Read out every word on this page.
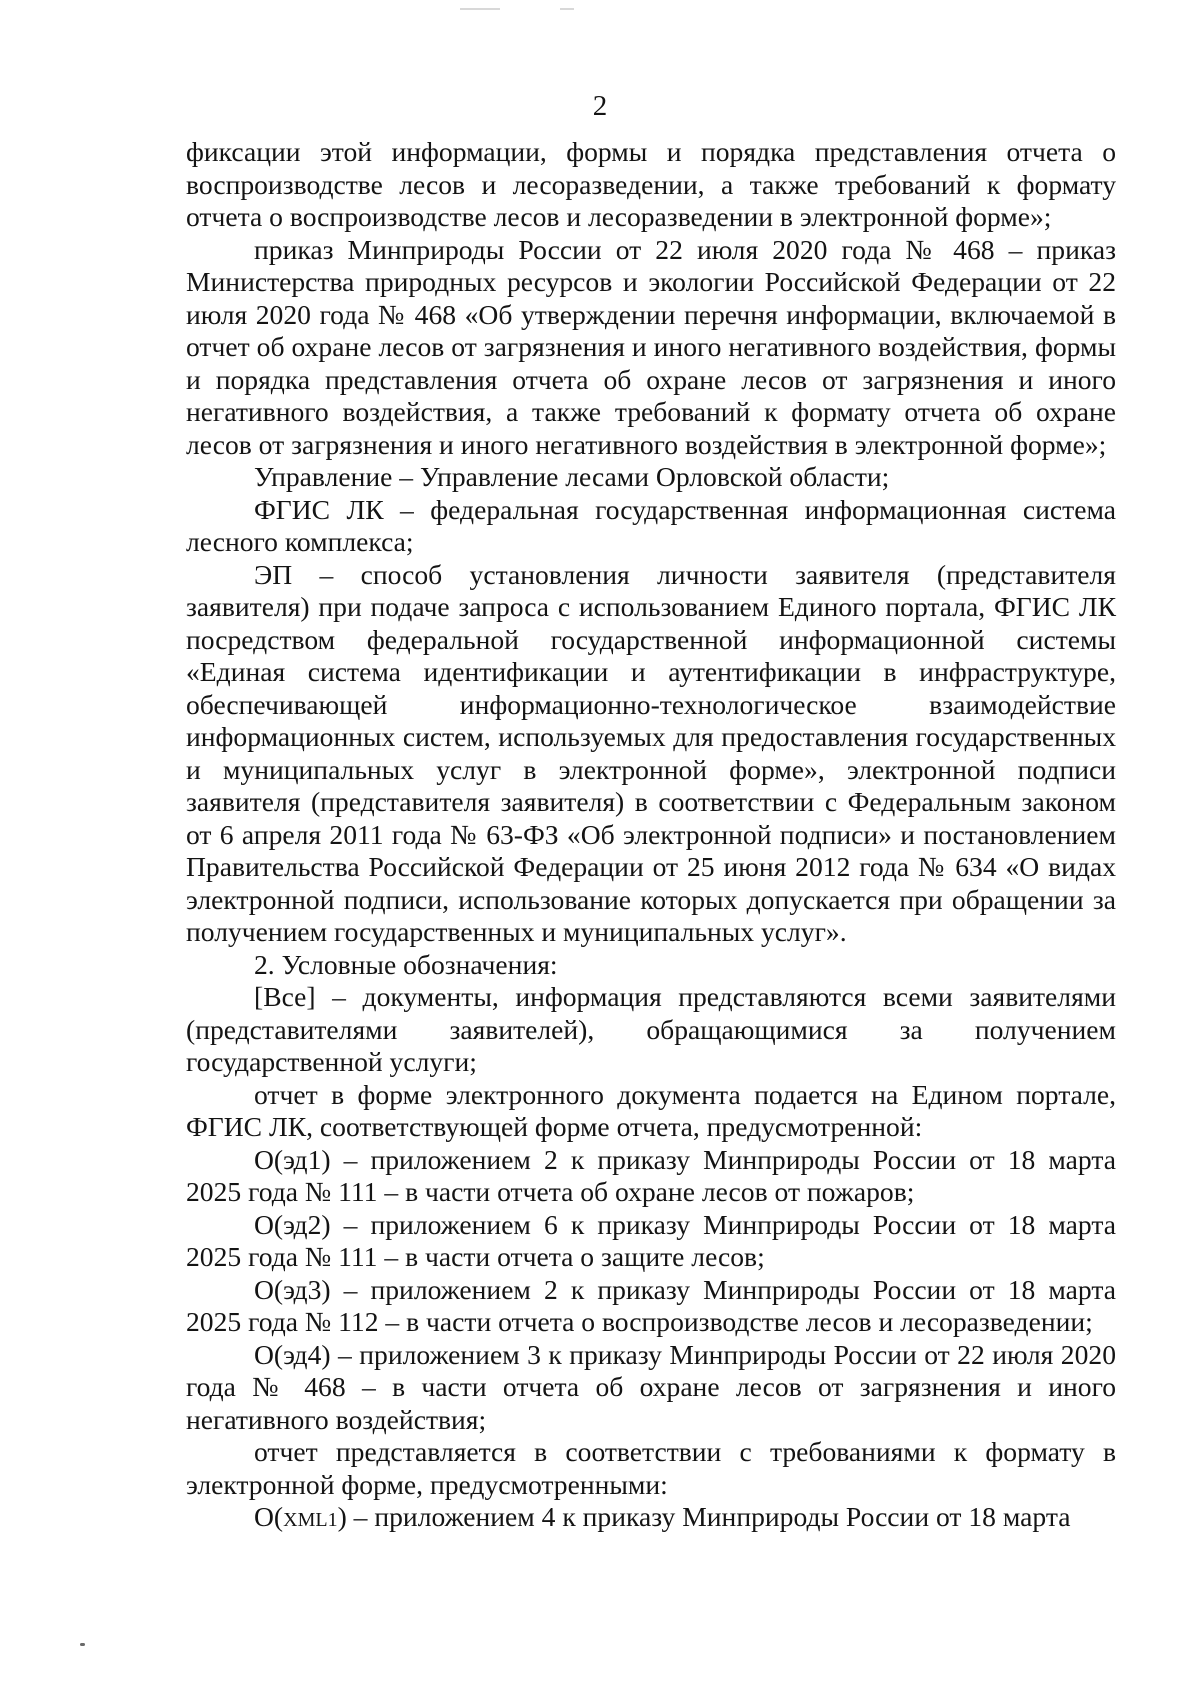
2

фиксации этой информации, формы и порядка представления отчета о воспроизводстве лесов и лесоразведении, а также требований к формату отчета о воспроизводстве лесов и лесоразведении в электронной форме»;

приказ Минприроды России от 22 июля 2020 года № 468 – приказ Министерства природных ресурсов и экологии Российской Федерации от 22 июля 2020 года № 468 «Об утверждении перечня информации, включаемой в отчет об охране лесов от загрязнения и иного негативного воздействия, формы и порядка представления отчета об охране лесов от загрязнения и иного негативного воздействия, а также требований к формату отчета об охране лесов от загрязнения и иного негативного воздействия в электронной форме»;

Управление – Управление лесами Орловской области;

ФГИС ЛК – федеральная государственная информационная система лесного комплекса;

ЭП – способ установления личности заявителя (представителя заявителя) при подаче запроса с использованием Единого портала, ФГИС ЛК посредством федеральной государственной информационной системы «Единая система идентификации и аутентификации в инфраструктуре, обеспечивающей информационно-технологическое взаимодействие информационных систем, используемых для предоставления государственных и муниципальных услуг в электронной форме», электронной подписи заявителя (представителя заявителя) в соответствии с Федеральным законом от 6 апреля 2011 года № 63-ФЗ «Об электронной подписи» и постановлением Правительства Российской Федерации от 25 июня 2012 года № 634 «О видах электронной подписи, использование которых допускается при обращении за получением государственных и муниципальных услуг».

2. Условные обозначения:

[Все] – документы, информация представляются всеми заявителями (представителями заявителей), обращающимися за получением государственной услуги;

отчет в форме электронного документа подается на Едином портале, ФГИС ЛК, соответствующей форме отчета, предусмотренной:

О(эд1) – приложением 2 к приказу Минприроды России от 18 марта 2025 года № 111 – в части отчета об охране лесов от пожаров;

О(эд2) – приложением 6 к приказу Минприроды России от 18 марта 2025 года № 111 – в части отчета о защите лесов;

О(эд3) – приложением 2 к приказу Минприроды России от 18 марта 2025 года № 112 – в части отчета о воспроизводстве лесов и лесоразведении;

О(эд4) – приложением 3 к приказу Минприроды России от 22 июля 2020 года № 468 – в части отчета об охране лесов от загрязнения и иного негативного воздействия;

отчет представляется в соответствии с требованиями к формату в электронной форме, предусмотренными:

О(XML1) – приложением 4 к приказу Минприроды России от 18 марта
